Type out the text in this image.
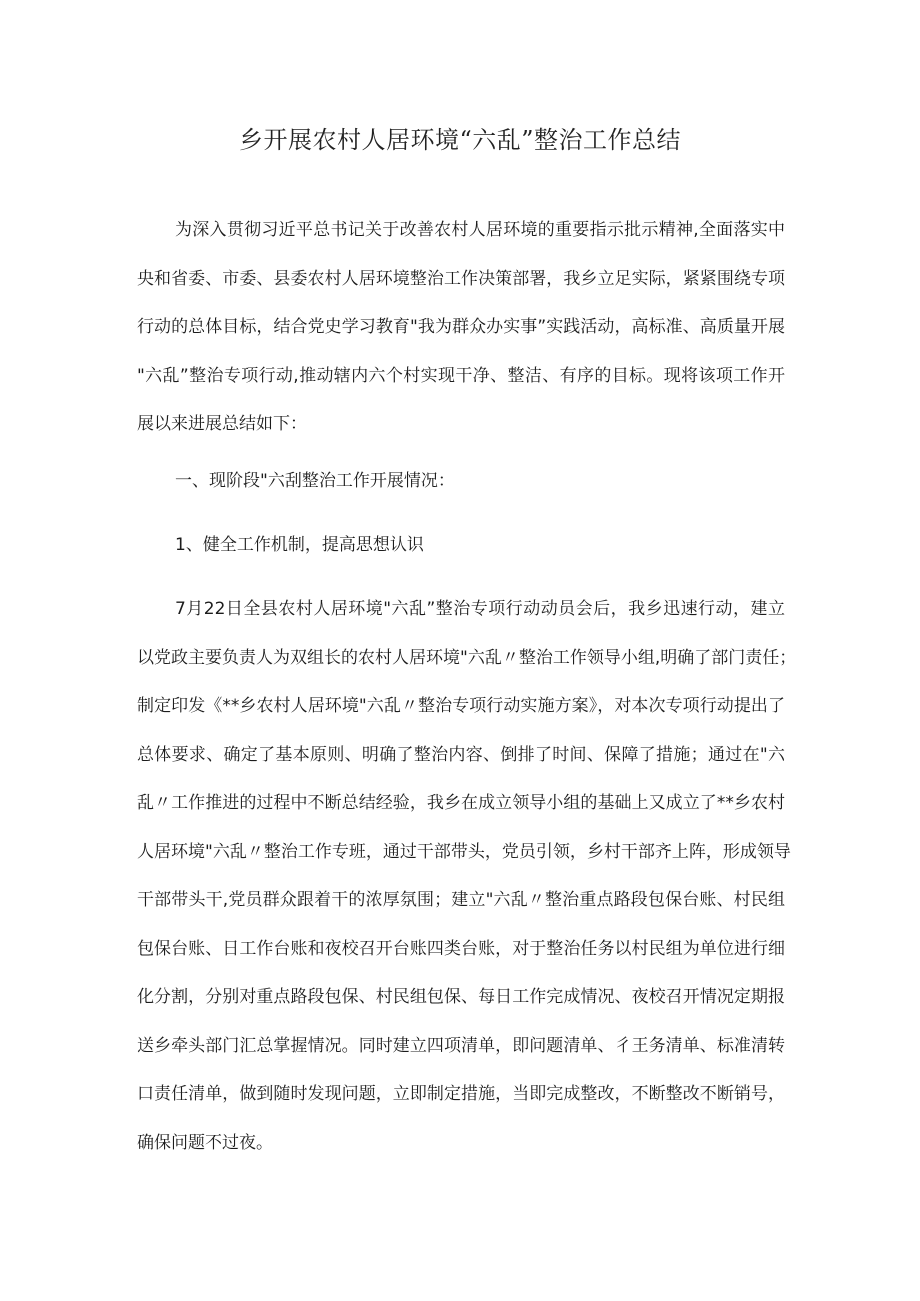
乡开展农村人居环境“六乱”整治工作总结
为深入贯彻习近平总书记关于改善农村人居环境的重要指示批示精神,全面落实中
央和省委、市委、县委农村人居环境整治工作决策部署，我乡立足实际，紧紧围绕专项
行动的总体目标，结合党史学习教育"我为群众办实事”实践活动，高标准、高质量开展
"六乱”整治专项行动,推动辖内六个村实现干净、整洁、有序的目标。现将该项工作开
展以来进展总结如下：
一、现阶段"六刮整治工作开展情况：
1、健全工作机制，提高思想认识
7月22日全县农村人居环境"六乱”整治专项行动动员会后，我乡迅速行动，建立
以党政主要负责人为双组长的农村人居环境"六乱〃整治工作领导小组,明确了部门责任；
制定印发《**乡农村人居环境"六乱〃整治专项行动实施方案》，对本次专项行动提出了
总体要求、确定了基本原则、明确了整治内容、倒排了时间、保障了措施；通过在"六
乱〃工作推进的过程中不断总结经验，我乡在成立领导小组的基础上又成立了**乡农村
人居环境"六乱〃整治工作专班，通过干部带头，党员引领，乡村干部齐上阵，形成领导
干部带头干,党员群众跟着干的浓厚氛围；建立"六乱〃整治重点路段包保台账、村民组
包保台账、日工作台账和夜校召开台账四类台账，对于整治任务以村民组为单位进行细
化分割，分别对重点路段包保、村民组包保、每日工作完成情况、夜校召开情况定期报
送乡牵头部门汇总掌握情况。同时建立四项清单，即问题清单、彳王务清单、标准清转
口责任清单，做到随时发现问题，立即制定措施，当即完成整改，不断整改不断销号，
确保问题不过夜。
